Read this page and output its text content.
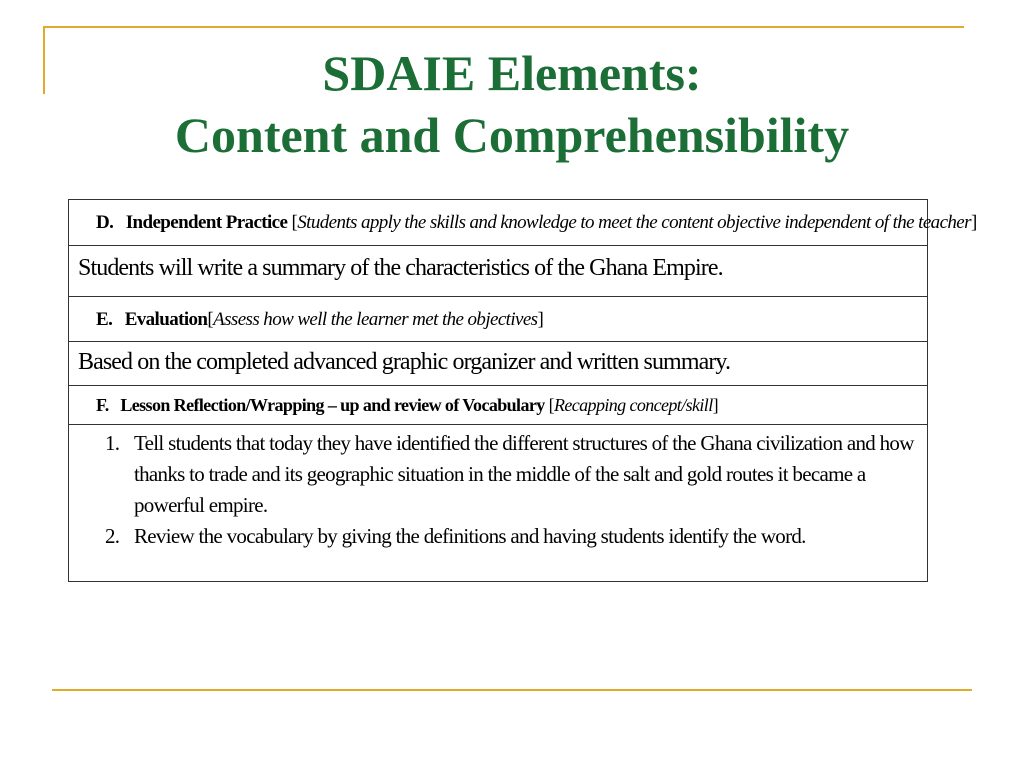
SDAIE Elements:
Content and Comprehensibility
D. Independent Practice [Students apply the skills and knowledge to meet the content objective independent of the teacher]
Students will write a summary of the characteristics of the Ghana Empire.
E. Evaluation[Assess how well the learner met the objectives]
Based on the completed advanced graphic organizer and written summary.
F. Lesson Reflection/Wrapping – up and review of Vocabulary [Recapping concept/skill]
1. Tell students that today they have identified the different structures of the Ghana civilization and how
thanks to trade and its geographic situation in the middle of the salt and gold routes it became a
powerful empire.
2. Review the vocabulary by giving the definitions and having students identify the word.
